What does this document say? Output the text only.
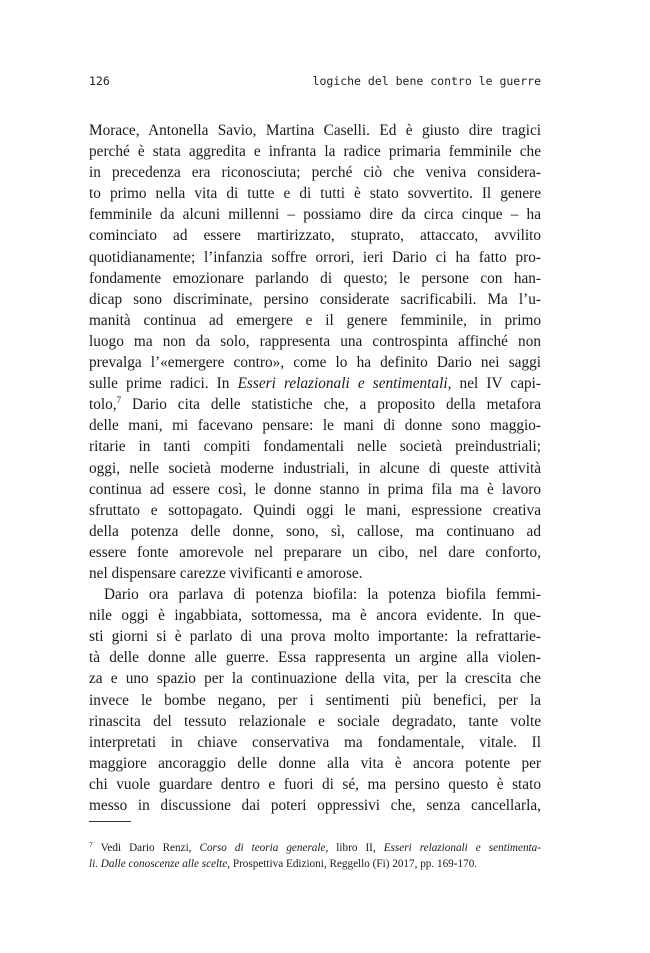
126	logiche del bene contro le guerre
Morace, Antonella Savio, Martina Caselli. Ed è giusto dire tragici
perché è stata aggredita e infranta la radice primaria femminile che
in precedenza era riconosciuta; perché ciò che veniva considera-
to primo nella vita di tutte e di tutti è stato sovvertito. Il genere
femminile da alcuni millenni – possiamo dire da circa cinque – ha
cominciato ad essere martirizzato, stuprato, attaccato, avvilito
quotidianamente; l’infanzia soffre orrori, ieri Dario ci ha fatto pro-
fondamente emozionare parlando di questo; le persone con han-
dicap sono discriminate, persino considerate sacrificabili. Ma l’u-
manità continua ad emergere e il genere femminile, in primo
luogo ma non da solo, rappresenta una controspinta affinché non
prevalga l’«emergere contro», come lo ha definito Dario nei saggi
sulle prime radici. In Esseri relazionali e sentimentali, nel IV capi-
tolo,$^7$ Dario cita delle statistiche che, a proposito della metafora
delle mani, mi facevano pensare: le mani di donne sono maggio-
ritarie in tanti compiti fondamentali nelle società preindustriali;
oggi, nelle società moderne industriali, in alcune di queste attività
continua ad essere così, le donne stanno in prima fila ma è lavoro
sfruttato e sottopagato. Quindi oggi le mani, espressione creativa
della potenza delle donne, sono, sì, callose, ma continuano ad
essere fonte amorevole nel preparare un cibo, nel dare conforto,
nel dispensare carezze vivificanti e amorose.
Dario ora parlava di potenza biofila: la potenza biofila femmi-
nile oggi è ingabbiata, sottomessa, ma è ancora evidente. In que-
sti giorni si è parlato di una prova molto importante: la refrattarie-
tà delle donne alle guerre. Essa rappresenta un argine alla violen-
za e uno spazio per la continuazione della vita, per la crescita che
invece le bombe negano, per i sentimenti più benefici, per la
rinascita del tessuto relazionale e sociale degradato, tante volte
interpretati in chiave conservativa ma fondamentale, vitale. Il
maggiore ancoraggio delle donne alla vita è ancora potente per
chi vuole guardare dentro e fuori di sé, ma persino questo è stato
messo in discussione dai poteri oppressivi che, senza cancellarla,
$^7$ Vedi Dario Renzi, Corso di teoria generale, libro II, Esseri relazionali e sentimenta-
li. Dalle conoscenze alle scelte, Prospettiva Edizioni, Reggello (Fi) 2017, pp. 169-170.
